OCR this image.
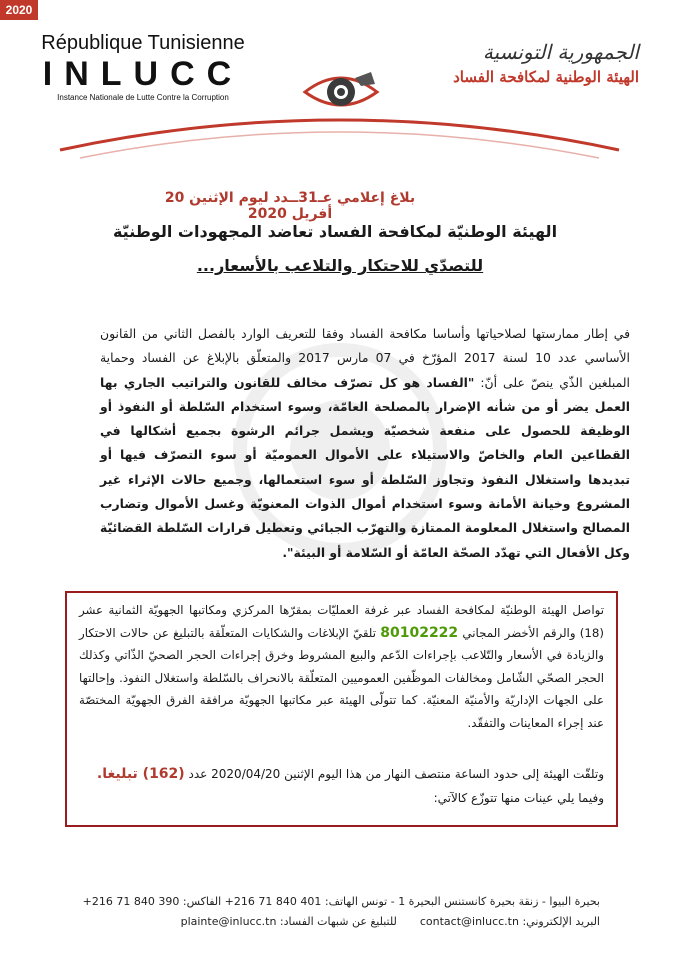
2020
République Tunisienne
INLUCC
Instance Nationale de Lutte Contre la Corruption
الجمهورية التونسية
الهيئة الوطنية لمكافحة الفساد
بلاغ إعلامي عـ31ــدد ليوم الإثنين 20 أفريل 2020
الهيئة الوطنيّة لمكافحة الفساد تعاضد المجهودات الوطنيّة
للتصدّي للاحتكار والتلاعب بالأسعار...
في إطار ممارستها لصلاحياتها وأساسا مكافحة الفساد وفقا للتعريف الوارد بالفصل الثاني من القانون الأساسي عدد 10 لسنة 2017 المؤرّخ في 07 مارس 2017 والمتعلّق بالإبلاغ عن الفساد وحماية المبلغين الذّي ينصّ على أنّ: "الفساد هو كل تصرّف مخالف للقانون والتراتيب الجاري بها العمل يضر أو من شأنه الإضرار بالمصلحة العامّة، وسوء استخدام السّلطة أو النفوذ أو الوظيفة للحصول على منفعة شخصيّة ويشمل جرائم الرشوة بجميع أشكالها في القطاعين العام والخاصّ والاستيلاء على الأموال العموميّة أو سوء التصرّف فيها أو تبديدها واستغلال النفوذ وتجاوز السّلطة أو سوء استعمالها، وجميع حالات الإثراء غير المشروع وخيانة الأمانة وسوء استخدام أموال الذوات المعنويّة وغسل الأموال وتضارب المصالح واستغلال المعلومة الممتازة والتهرّب الجبائي وتعطيل قرارات السّلطة القضائيّة وكل الأفعال التي تهدّد الصحّة العامّة أو السّلامة أو البيئة".
تواصل الهيئة الوطنيّة لمكافحة الفساد عبر غرفة العمليّات بمقرّها المركزي ومكاتبها الجهويّة الثمانية عشر (18) والرقم الأخضر المجاني 80102222 تلقيّ الإبلاغات والشكايات المتعلّقة بالتبليغ عن حالات الاحتكار والزيادة في الأسعار والتّلاعب بإجراءات الدّعم والبيع المشروط وخرق إجراءات الحجر الصحيّ الذّاتي وكذلك الحجر الصحّي الشّامل ومخالفات الموظّفين العموميين المتعلّقة بالانحراف بالسّلطة واستغلال النفوذ. وإحالتها على الجهات الإداريّة والأمنيّة المعنيّة. كما تتولّى الهيئة عبر مكاتبها الجهويّة مرافقة الفرق الجهويّة المختصّة عند إجراء المعاينات والتفقّد.
وتلقّت الهيئة إلى حدود الساعة منتصف النهار من هذا اليوم الإثنين 2020/04/20 عدد (162) تبليغا.
وفيما يلي عينات منها تتوزّع كالآتي:
بحيرة البيوا - زنقة بحيرة كانستنس البحيرة 1 - تونس الهاتف: 401 840 71 216+ الفاكس: 390 840 71 216+
البريد الإلكتروني: contact@inlucc.tn  للتبليغ عن شبهات الفساد: plainte@inlucc.tn
